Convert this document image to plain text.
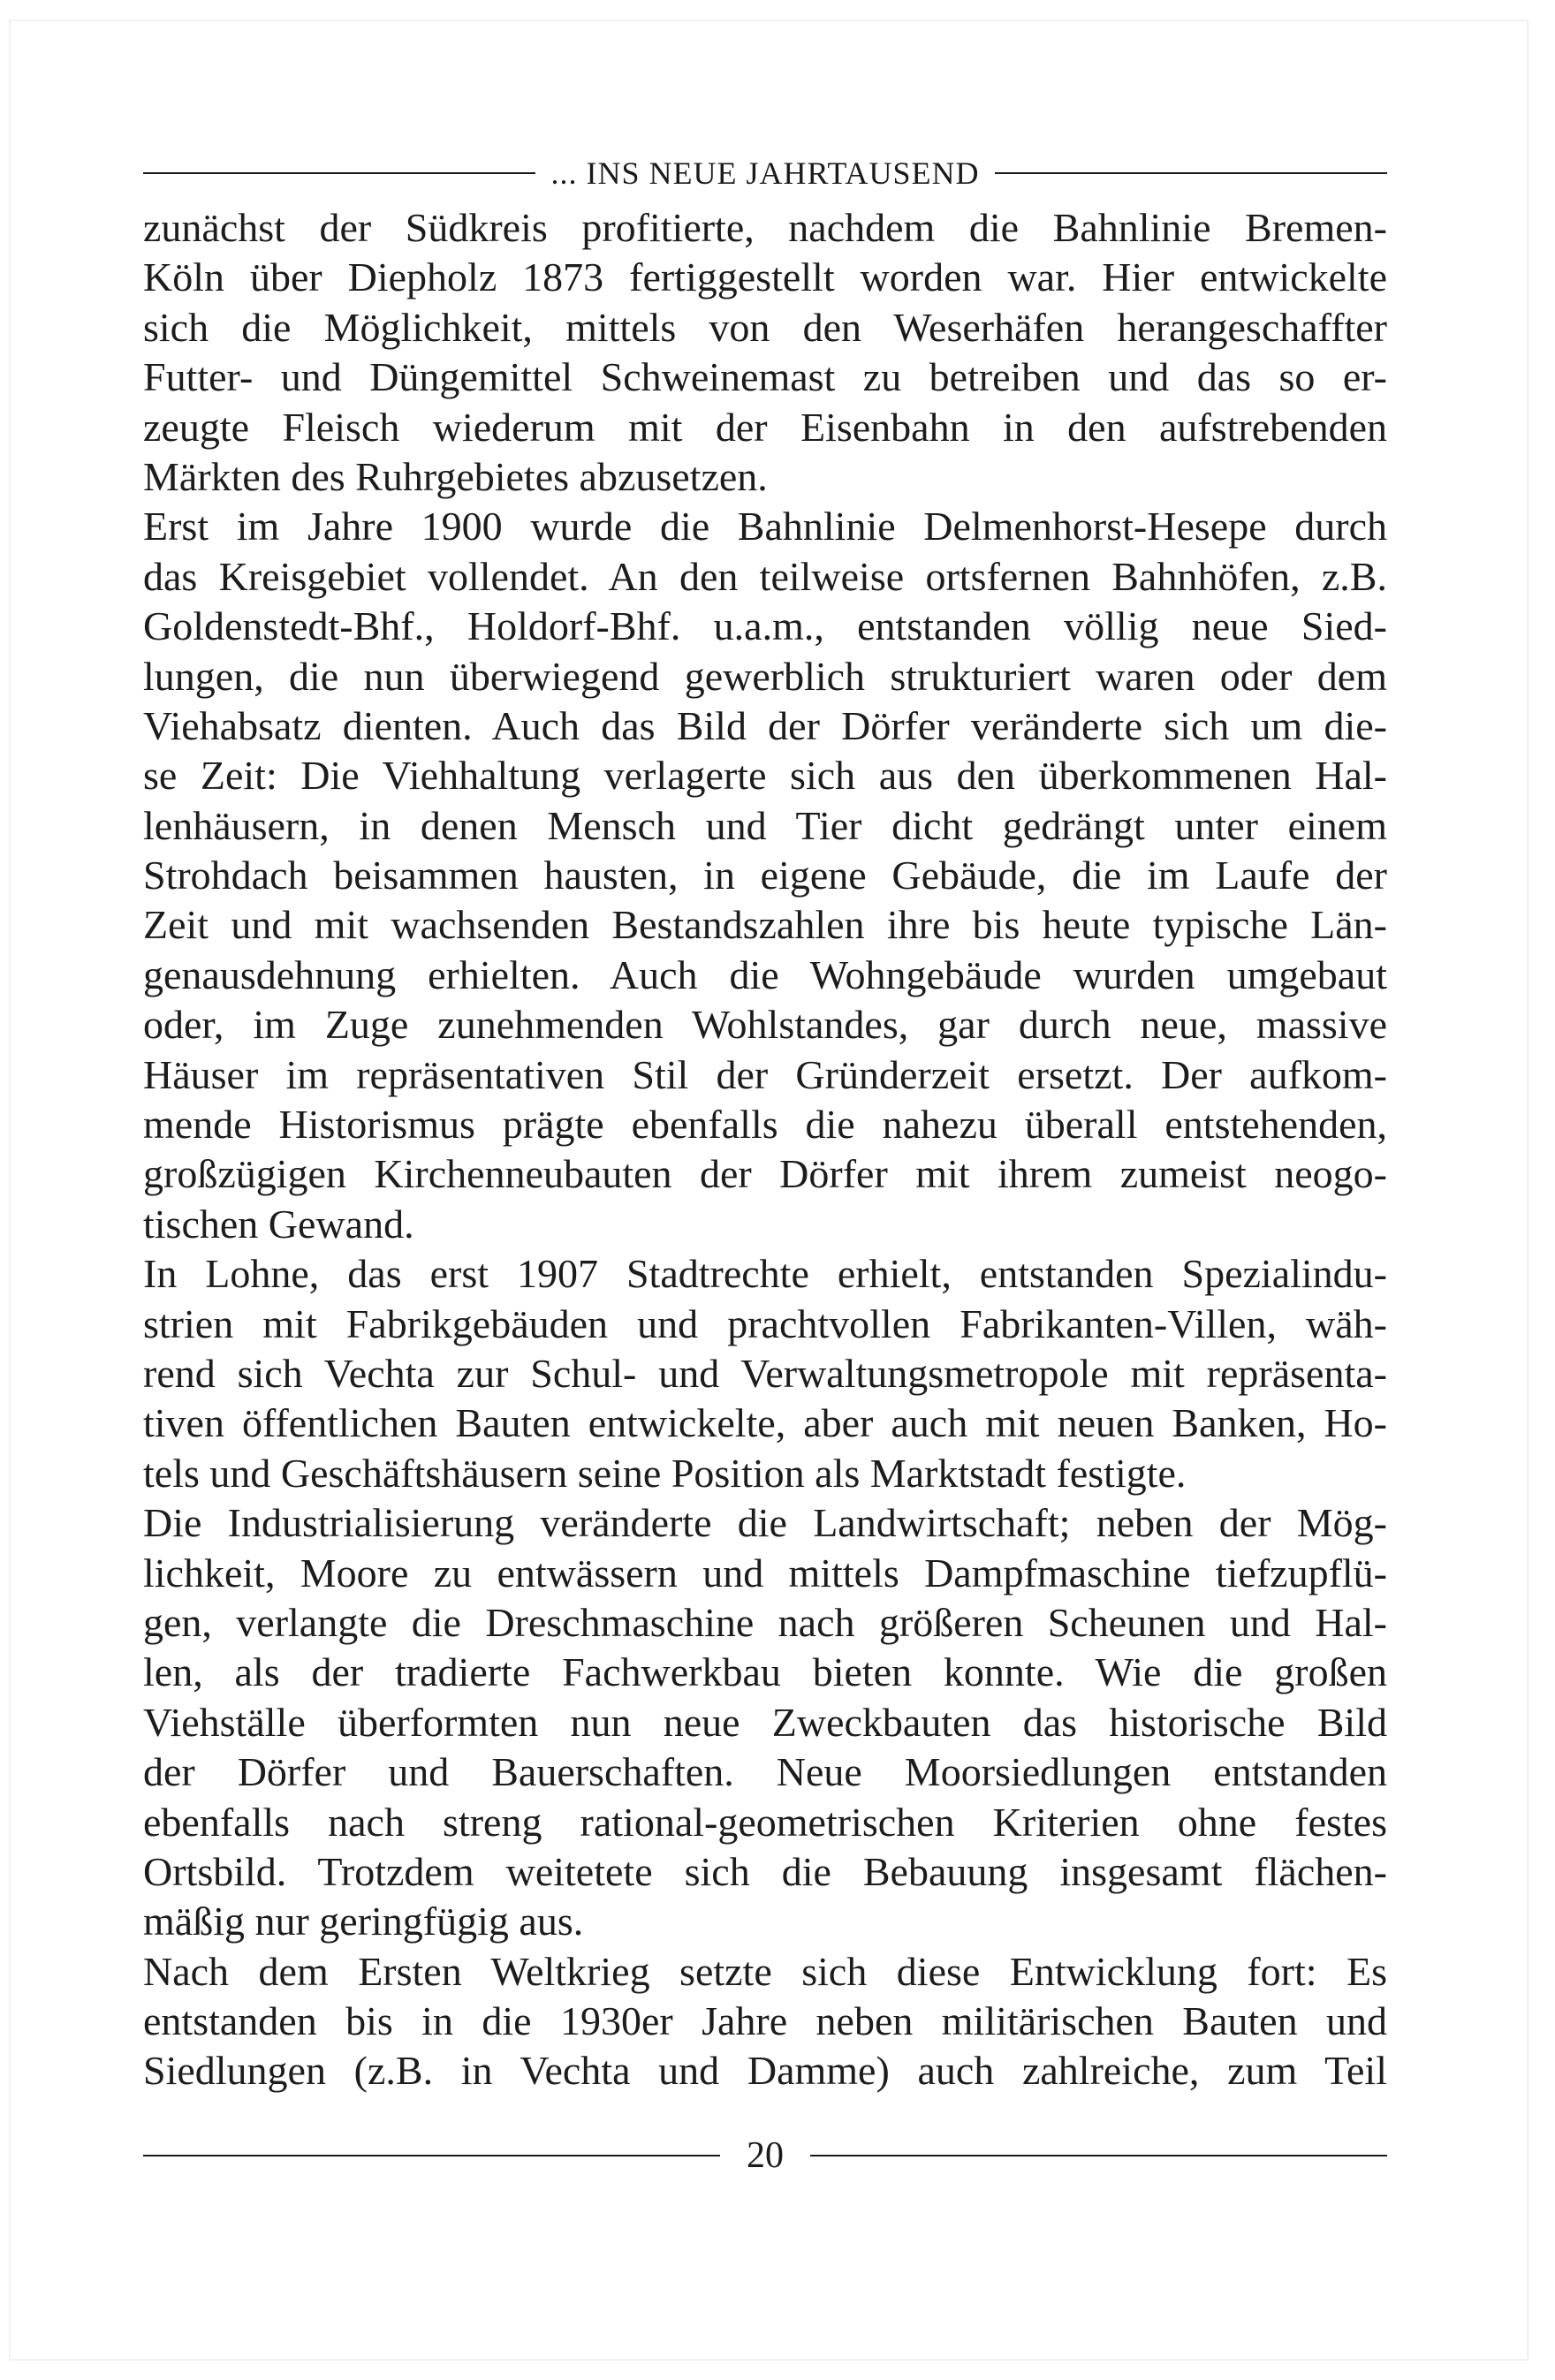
... INS NEUE JAHRTAUSEND
zunächst der Südkreis profitierte, nachdem die Bahnlinie Bremen-
Köln über Diepholz 1873 fertiggestellt worden war. Hier entwickelte
sich die Möglichkeit, mittels von den Weserhäfen herangeschaffter
Futter- und Düngemittel Schweinemast zu betreiben und das so er-
zeugte Fleisch wiederum mit der Eisenbahn in den aufstrebenden
Märkten des Ruhrgebietes abzusetzen.
Erst im Jahre 1900 wurde die Bahnlinie Delmenhorst-Hesepe durch
das Kreisgebiet vollendet. An den teilweise ortsfernen Bahnhöfen, z.B.
Goldenstedt-Bhf., Holdorf-Bhf. u.a.m., entstanden völlig neue Sied-
lungen, die nun überwiegend gewerblich strukturiert waren oder dem
Viehabsatz dienten. Auch das Bild der Dörfer veränderte sich um die-
se Zeit: Die Viehhaltung verlagerte sich aus den überkommenen Hal-
lenhäusern, in denen Mensch und Tier dicht gedrängt unter einem
Strohdach beisammen hausten, in eigene Gebäude, die im Laufe der
Zeit und mit wachsenden Bestandszahlen ihre bis heute typische Län-
genausdehnung erhielten. Auch die Wohngebäude wurden umgebaut
oder, im Zuge zunehmenden Wohlstandes, gar durch neue, massive
Häuser im repräsentativen Stil der Gründerzeit ersetzt. Der aufkom-
mende Historismus prägte ebenfalls die nahezu überall entstehenden,
großzügigen Kirchenneubauten der Dörfer mit ihrem zumeist neogo-
tischen Gewand.
In Lohne, das erst 1907 Stadtrechte erhielt, entstanden Spezialindu-
strien mit Fabrikgebäuden und prachtvollen Fabrikanten-Villen, wäh-
rend sich Vechta zur Schul- und Verwaltungsmetropole mit repräsenta-
tiven öffentlichen Bauten entwickelte, aber auch mit neuen Banken, Ho-
tels und Geschäftshäusern seine Position als Marktstadt festigte.
Die Industrialisierung veränderte die Landwirtschaft; neben der Mög-
lichkeit, Moore zu entwässern und mittels Dampfmaschine tiefzupflü-
gen, verlangte die Dreschmaschine nach größeren Scheunen und Hal-
len, als der tradierte Fachwerkbau bieten konnte. Wie die großen
Viehställe überformten nun neue Zweckbauten das historische Bild
der Dörfer und Bauerschaften. Neue Moorsiedlungen entstanden
ebenfalls nach streng rational-geometrischen Kriterien ohne festes
Ortsbild. Trotzdem weitetete sich die Bebauung insgesamt flächen-
mäßig nur geringfügig aus.
Nach dem Ersten Weltkrieg setzte sich diese Entwicklung fort: Es
entstanden bis in die 1930er Jahre neben militärischen Bauten und
Siedlungen (z.B. in Vechta und Damme) auch zahlreiche, zum Teil
20
